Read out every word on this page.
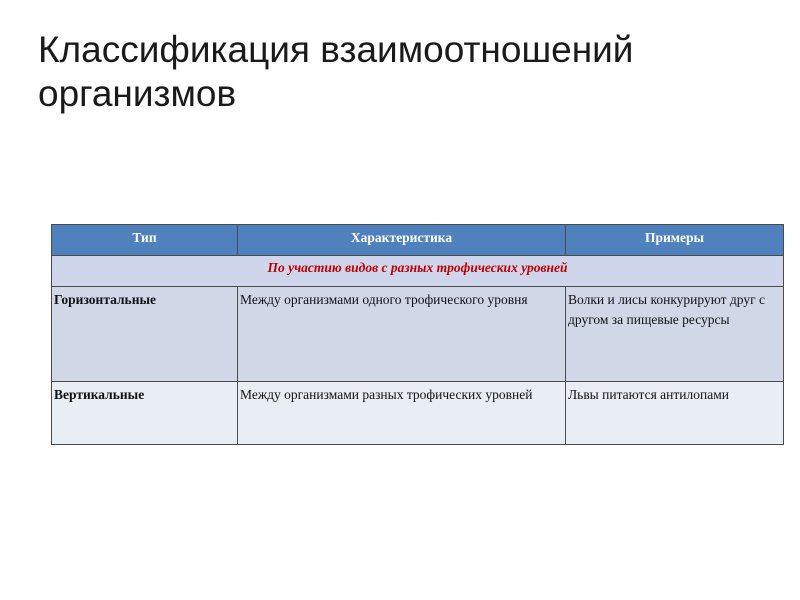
Классификация взаимоотношений организмов
Тип	Характеристика	Примеры
По участию видов с разных трофических уровней		
Горизонтальные	Между организмами одного трофического уровня	Волки и лисы конкурируют друг с другом за пищевые ресурсы
Вертикальные	Между организмами разных трофических уровней	Львы питаются антилопами
